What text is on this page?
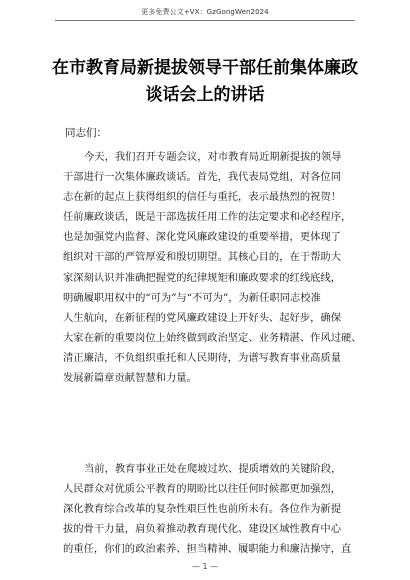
更多免费公文+VX：GzGongWen2024
在市教育局新提拔领导干部任前集体廉政
谈话会上的讲话

同志们：

今天，我们召开专题会议，对市教育局近期新提拔的领导
干部进行一次集体廉政谈话。首先，我代表局党组，对各位同
志在新的起点上获得组织的信任与重托，表示最热烈的祝贺！
任前廉政谈话，既是干部选拔任用工作的法定要求和必经程序，
也是加强党内监督、深化党风廉政建设的重要举措，更体现了
组织对干部的严管厚爱和殷切期望。其核心目的，在于帮助大
家深刻认识并准确把握党的纪律规矩和廉政要求的红线底线，
明确履职用权中的“可为”与“不可为”，为新任职同志校准
人生航向，在新征程的党风廉政建设上开好头、起好步，确保
大家在新的重要岗位上始终做到政治坚定、业务精湛、作风过硬、
清正廉洁，不负组织重托和人民期待，为谱写教育事业高质量
发展新篇章贡献智慧和力量。
当前，教育事业正处在爬坡过坎、提质增效的关键阶段，
人民群众对优质公平教育的期盼比以往任何时候都更加强烈，
深化教育综合改革的复杂性艰巨性也前所未有。各位作为新提
拔的骨干力量，肩负着推动教育现代化、建设区域性教育中心
的重任，你们的政治素养、担当精神、履职能力和廉洁操守，直
— 1 —
